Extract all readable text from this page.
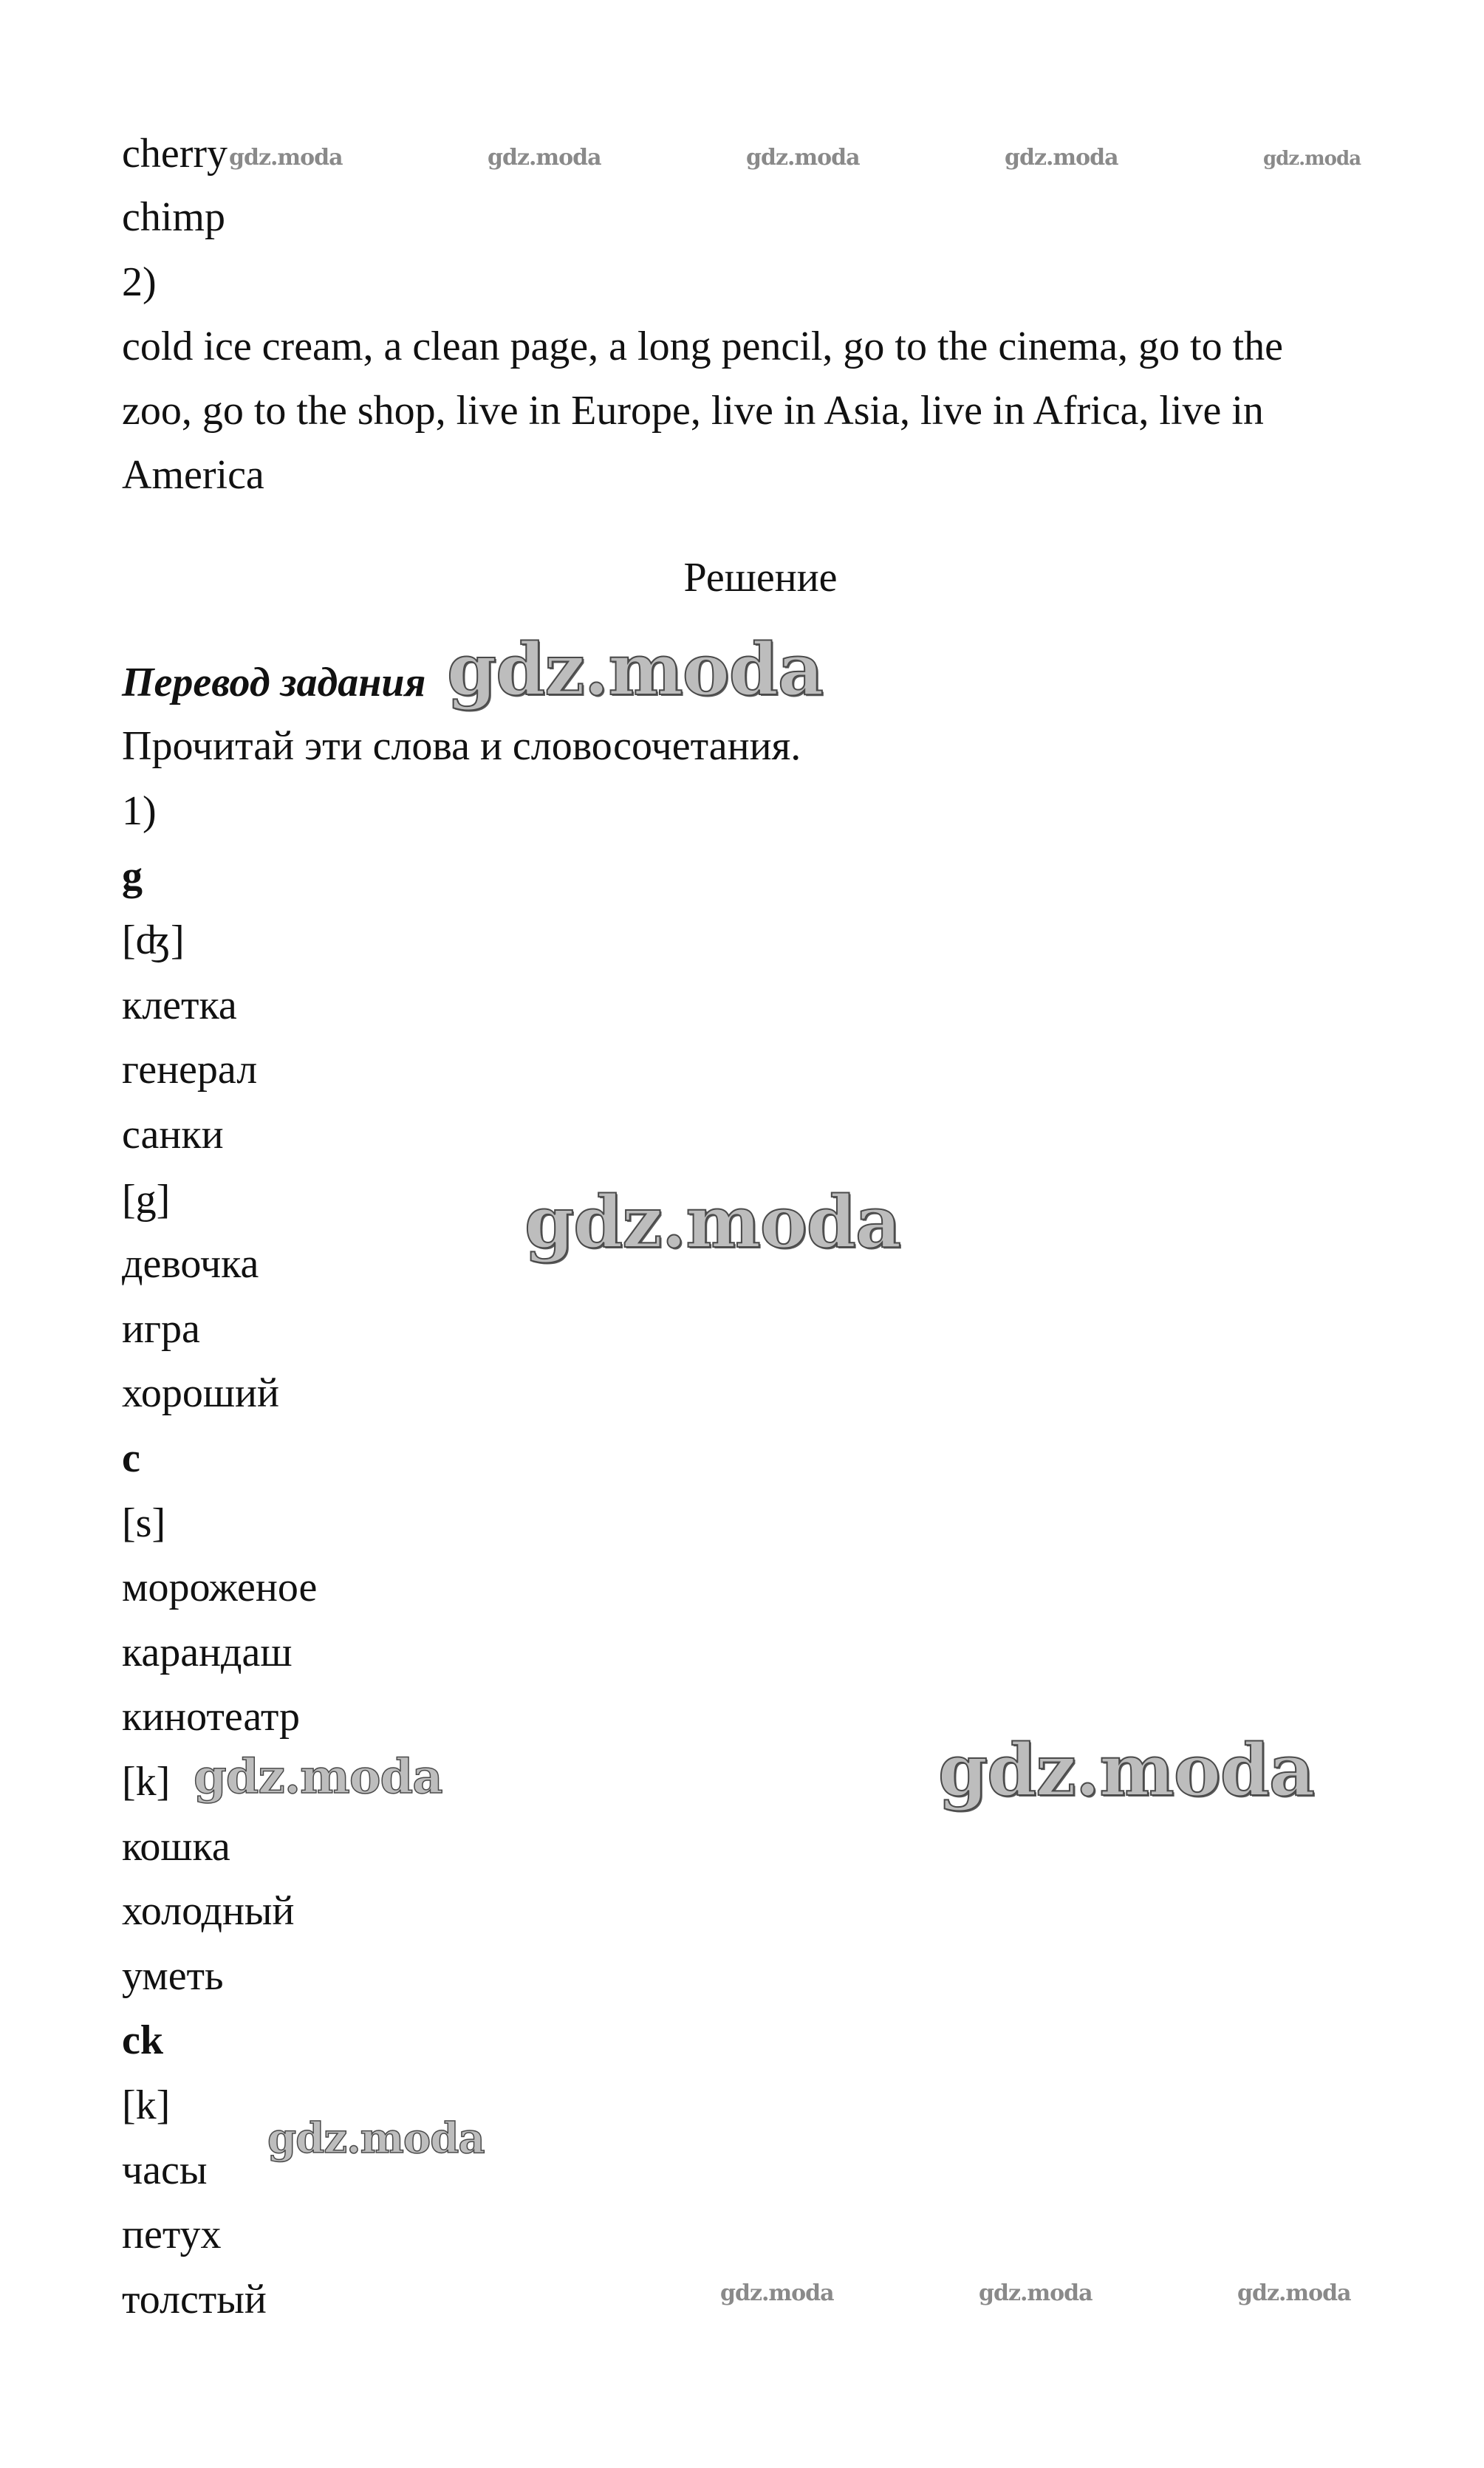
cherry
chimp
2)
cold ice cream, a clean page, a long pencil, go to the cinema, go to the
zoo, go to the shop, live in Europe, live in Asia, live in Africa, live in
America
Решение
Перевод задания
Прочитай эти слова и словосочетания.
1)
g
[ʤ]
клетка
генерал
санки
[g]
девочка
игра
хороший
c
[s]
мороженое
карандаш
кинотеатр
[k]
кошка
холодный
уметь
ck
[k]
часы
петух
толстый
gdz.moda	gdz.moda	gdz.moda	gdz.moda	gdz.moda
gdz.moda
gdz.moda
gdz.moda
gdz.moda
gdz.moda
gdz.moda	gdz.moda	gdz.moda
